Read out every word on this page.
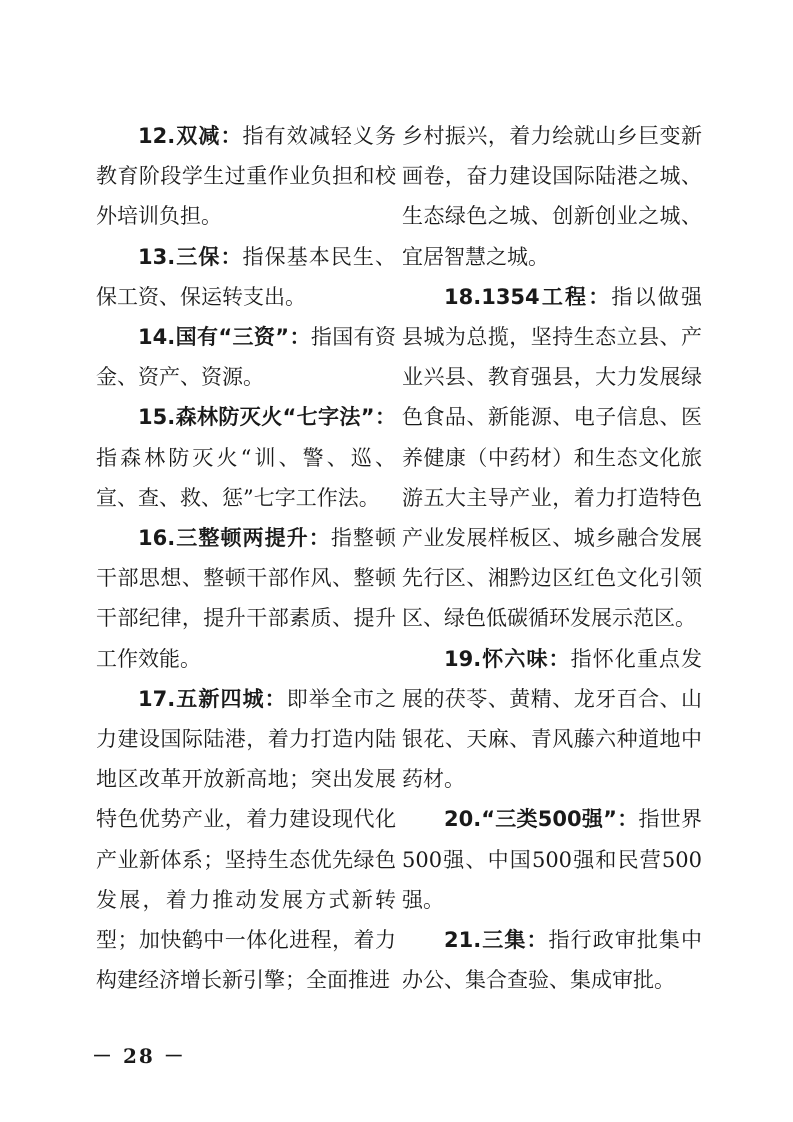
12.双减：指有效减轻义务教育阶段学生过重作业负担和校外培训负担。

13.三保：指保基本民生、保工资、保运转支出。

14.国有“三资”：指国有资金、资产、资源。

15.森林防灭火“七字法”：指森林防灭火“训、警、巡、宣、查、救、惩”七字工作法。

16.三整顿两提升：指整顿干部思想、整顿干部作风、整顿干部纪律，提升干部素质、提升工作效能。

17.五新四城：即举全市之力建设国际陆港，着力打造内陆地区改革开放新高地；突出发展特色优势产业，着力建设现代化产业新体系；坚持生态优先绿色发展，着力推动发展方式新转型；加快鹤中一体化进程，着力构建经济增长新引擎；全面推进

乡村振兴，着力绘就山乡巨变新画卷，奋力建设国际陆港之城、生态绿色之城、创新创业之城、宜居智慧之城。

18.1354工程：指以做强县城为总揽，坚持生态立县、产业兴县、教育强县，大力发展绿色食品、新能源、电子信息、医养健康（中药材）和生态文化旅游五大主导产业，着力打造特色产业发展样板区、城乡融合发展先行区、湘黔边区红色文化引领区、绿色低碳循环发展示范区。

19.怀六味：指怀化重点发展的茯苓、黄精、龙牙百合、山银花、天麻、青风藤六种道地中药材。

20.“三类500强”：指世界500强、中国500强和民营500强。

21.三集：指行政审批集中办公、集合查验、集成审批。

－ 28 －
